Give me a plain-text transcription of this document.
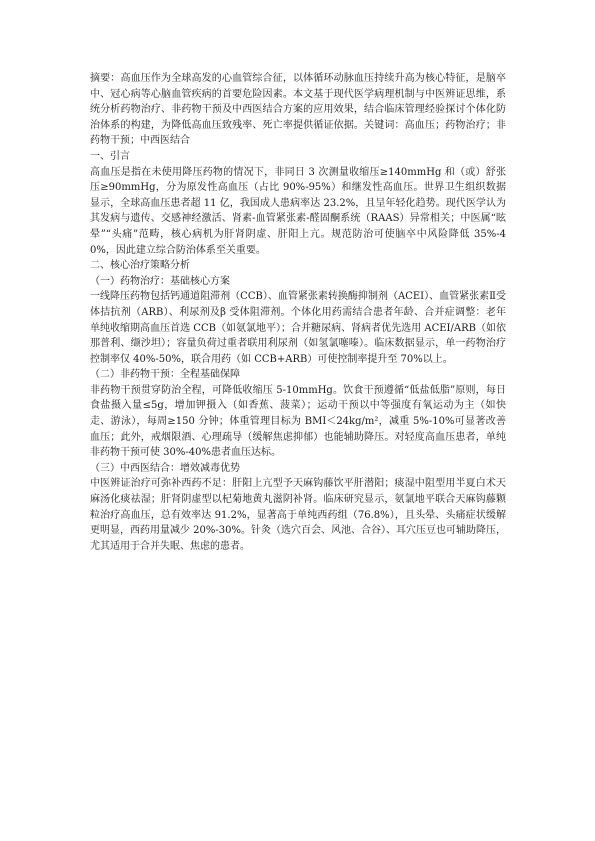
摘要：高血压作为全球高发的心血管综合征，以体循环动脉血压持续升高为核心特征，是脑卒中、冠心病等心脑血管疾病的首要危险因素。本文基于现代医学病理机制与中医辨证思维，系统分析药物治疗、非药物干预及中西医结合方案的应用效果，结合临床管理经验探讨个体化防治体系的构建，为降低高血压致残率、死亡率提供循证依据。关键词：高血压；药物治疗；非药物干预；中西医结合

一、引言

高血压是指在未使用降压药物的情况下，非同日 3 次测量收缩压≥140mmHg 和（或）舒张压≥90mmHg，分为原发性高血压（占比 90%-95%）和继发性高血压。世界卫生组织数据显示，全球高血压患者超 11 亿，我国成人患病率达 23.2%，且呈年轻化趋势。现代医学认为其发病与遗传、交感神经激活、肾素-血管紧张素-醛固酮系统（RAAS）异常相关；中医属“眩晕”“头痛”范畴，核心病机为肝肾阴虚、肝阳上亢。规范防治可使脑卒中风险降低 35%-40%，因此建立综合防治体系至关重要。

二、核心治疗策略分析

（一）药物治疗：基础核心方案

一线降压药物包括钙通道阻滞剂（CCB）、血管紧张素转换酶抑制剂（ACEI）、血管紧张素Ⅱ受体拮抗剂（ARB）、利尿剂及β 受体阻滞剂。个体化用药需结合患者年龄、合并症调整：老年单纯收缩期高血压首选 CCB（如氨氯地平）；合并糖尿病、肾病者优先选用 ACEI/ARB（如依那普利、缬沙坦）；容量负荷过重者联用利尿剂（如氢氯噻嗪）。临床数据显示，单一药物治疗控制率仅 40%-50%，联合用药（如 CCB+ARB）可使控制率提升至 70%以上。

（二）非药物干预：全程基础保障

非药物干预贯穿防治全程，可降低收缩压 5-10mmHg。饮食干预遵循“低盐低脂”原则，每日食盐摄入量≤5g，增加钾摄入（如香蕉、菠菜）；运动干预以中等强度有氧运动为主（如快走、游泳），每周≥150 分钟；体重管理目标为 BMI＜24kg/m²，减重 5%-10%可显著改善血压；此外，戒烟限酒、心理疏导（缓解焦虑抑郁）也能辅助降压。对轻度高血压患者，单纯非药物干预可使 30%-40%患者血压达标。

（三）中西医结合：增效减毒优势

中医辨证治疗可弥补西药不足：肝阳上亢型予天麻钩藤饮平肝潜阳；痰湿中阻型用半夏白术天麻汤化痰祛湿；肝肾阴虚型以杞菊地黄丸滋阴补肾。临床研究显示，氨氯地平联合天麻钩藤颗粒治疗高血压，总有效率达 91.2%，显著高于单纯西药组（76.8%），且头晕、头痛症状缓解更明显，西药用量减少 20%-30%。针灸（选穴百会、风池、合谷）、耳穴压豆也可辅助降压，尤其适用于合并失眠、焦虑的患者。
